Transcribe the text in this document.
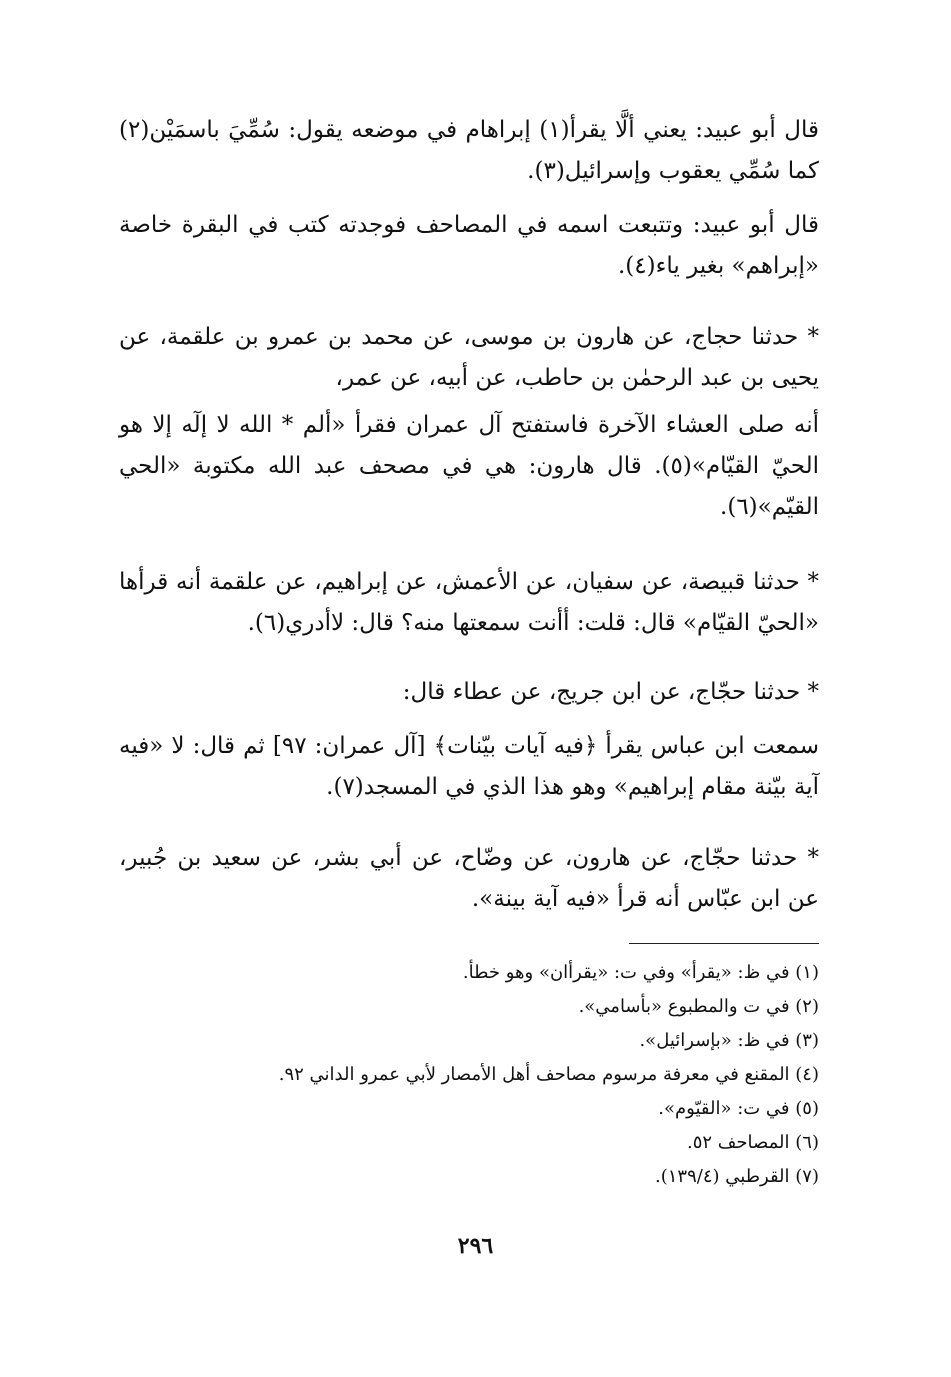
قال أبو عبيد: يعني ألَّا يقرأ(١) إبراهام في موضعه يقول: سُمِّيَ باسمَيْن(٢) كما سُمِّي يعقوب وإسرائيل(٣).

قال أبو عبيد: وتتبعت اسمه في المصاحف فوجدته كتب في البقرة خاصة «إبراهم» بغير ياء(٤).

* حدثنا حجاج، عن هارون بن موسى، عن محمد بن عمرو بن علقمة، عن يحيى بن عبد الرحمٰن بن حاطب، عن أبيه، عن عمر،

أنه صلى العشاء الآخرة فاستفتح آل عمران فقرأ «ألم * الله لا إلٓه إلا هو الحيّ القيّام»(٥). قال هارون: هي في مصحف عبد الله مكتوبة «الحي القيّم»(٦).

* حدثنا قبيصة، عن سفيان، عن الأعمش، عن إبراهيم، عن علقمة أنه قرأها «الحيّ القيّام» قال: قلت: أأنت سمعتها منه؟ قال: لاأدري(٦).

* حدثنا حجّاج، عن ابن جريج، عن عطاء قال:

سمعت ابن عباس يقرأ ﴿فيه آيات بيّنات﴾ [آل عمران: ٩٧] ثم قال: لا «فيه آية بيّنة مقام إبراهيم» وهو هذا الذي في المسجد(٧).

* حدثنا حجّاج، عن هارون، عن وضّاح، عن أبي بشر، عن سعيد بن جُبير، عن ابن عبّاس أنه قرأ «فيه آية بينة».

(١) في ظ: «يقرأ» وفي ت: «يقرأان» وهو خطأ.

(٢) في ت والمطبوع «بأسامي».

(٣) في ظ: «بإسرائيل».

(٤) المقنع في معرفة مرسوم مصاحف أهل الأمصار لأبي عمرو الداني ٩٢.

(٥) في ت: «القيّوم».

(٦) المصاحف ٥٢.

(٧) القرطبي (١٣٩/٤).

٢٩٦
